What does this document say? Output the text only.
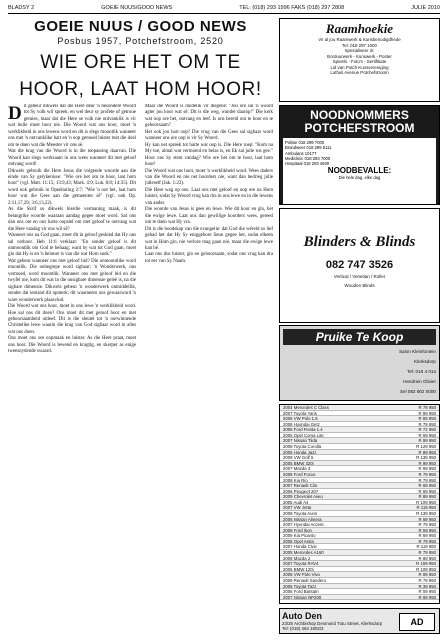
BLADSY 2	GOEIE NUUS/GOOD NEWS	TEL: (018) 293 1996 FAKS (018) 297 2808	JULIE 2010
GOEIE NUUS / GOOD NEWS
Posbus 1957, Potchefstroom, 2520
WIE ORE HET OM TE
HOOR, LAAT HOM HOOR!

Dit gebeur dikwels dat die Here deur 'n besondere Woord tot Sy volk wil spreek, en wel deur sy profete of getroue getuies, maar dat die Here se volk nie ontvanklik is vir wat hulle moet hoor nie. Die Woord wat ons hoor, moet 'n werklikheid in ons lewens word en dit is slegs moontlik wanneer ons met 'n ontvanklike hart en 'n oop gemoed luister met die doel om te doen wat die Meester vir ons sê.

Wat die krag van die Woord is in die toepassing daarvan. Die Woord kan slegs werksaam in ons wees wanneer dit met geloof ontvang word!

Dikwels gebruik die Here Jesus die volgende woorde aan die einde van Sy gelykenisse: "Wie ore het om te hoor, laat hom hoor" (vgl. Matt. 11:15; 13:9,43; Mark. 4:9; Luk. 8:8; 14:35). Dit word ook gebruik in Openbaring 2:7: "Wie 'n oor het, laat hom hoor wat die Gees aan die gemeentes sê" (vgl. ook Op. 2:11,17,29; 3:6,13,22).

As die Skrif so dikwels hierdie vermaning maak, is dit belangrike woorde waaraan aandag gegee moet word. Sal ons dan ons ore en ons harte oopstel om met geloof te ontvang wat die Here vandag vir ons wil sê?

Wanneer ons na God gaan, moet dit in geloof geskied dat Hy ons sal verhoor. Heb 11:6 verklaar: "En sonder geloof is dit onmoontlik om God te behaag; want hy wat tot God gaan, moet glo dat Hy is en 'n beloner is van die wat Hom soek."

Wat gebeur wanneer ons met geloof bid? Die onmoontlike word moontlik. Die onbegrepe word sigbaar; 'n Wonderwerk, ons vermoed, word moontlik. Wanneer ons met geloof bid en die twyfel nie, kom dit wat in die onsigbare dimensie geleë is, na die sigbare dimensie. Dikwels gebeur 'n wonderwerk onmiddellik, sonder dat iemand dit opmerk; dit waarneem ons gewaarword 'n ware wonderwerk plaasvind.

Die Woord wat ons hoor, moet in ons lewe 'n werklikheid word. Hoe sal ons dit doen? Ons moet dit met geloof hoor en met gehoorsaamheid uitleef. Dit is die sleutel tot 'n oorwinnende Christelike lewe waarin die krag van God sigbaar word in alles wat ons doen.

Ons moet ons ore oopmaak en luister. As die Here praat, moet ons hoor. Die Woord is lewend en kragtig, en skerper as enige tweesnydende swaard.

Maar die Woord is duidelik vir diegene: "Jou ore sal 'n woord agter jou hoor wat sê: Dit is die weg, wandel daarop!" Die kerk wat oop ore het, ontvang en leef. Is ons bereid om te hoor en te gehoorsaam?

Het ook jou hart oop? Die vrug van die Gees sal sigbaar word wanneer ons ore oop is vir Sy Woord.

Hy kan net spreek tot harte wat oop is. Die Here roep: "Kom na My toe, almal wat vermoeid en belas is, en Ek sal julle rus gee." Hoor ons Sy stem vandag? Wie ore het om te hoor, laat hom hoor!

Die Woord wat ons hoor, moet 'n werklikheid word. Wees daders van die Woord en nie net hoorders nie, want dan bedrieg julle julleself (Jak. 1:22).

Die Here wag op ons. Laat ons met geloof en oop ore na Hom luister, sodat Sy Woord vrug kan dra in ons lewe en in die lewens van ander.

Die woorde van Jesus is gees en lewe. Wie dit hoor en glo, het die ewige lewe. Laat ons dan gewillige hoorders wees, gereed om te doen wat Hy vra.

Dit is die boodskap van die evangelie: dat God die wêreld so lief gehad het dat Hy Sy eniggebore Seun gegee het, sodat elkeen wat in Hom glo, nie verlore mag gaan nie, maar die ewige lewe kan hê.

Laat ons dus luister, glo en gehoorsaam, sodat ons vrug kan dra tot eer van Sy Naam.

Raamhoekie
Vir al jou Raamwerk & Kunsbenodigdhede
Tel: 018 297 1000
Spesialiseer in:
Borduurwerk - Kunswerk - Poster
Spieëls - Foto's - Sertifikate
Lid van Potch Kunsvereniging
Luthuli Avenue Potchefstroom
NOODNOMMERS POTCHEFSTROOM
Polisie 018 299 7000
Brandweer 018 299 5111
Ambulans 10177
Mediclinic 018 293 7000
Hospitaal 018 293 4600
NOODBEVALLE:
Die hele dag, elke dag
Blinders & Blinds
082 747 3526
Vertical / Venetian / Roller
Wooden Blinds
Pruike Te Koop
Salon Kleinfontein
Klerksdorp
Tel: 018 4 014
Hendrien Olivier
Sel 082 902 0000
2004 Mercedes C Class	R 78 950
2007 Toyota Yaris	R 89 950
2006 VW Polo 1.6	R 89 950
2008 Hyundai Getz	R 79 950
2006 Ford Fiesta 1.4	R 72 950
2005 Opel Corsa Lite	R 59 950
2007 Nissan Tiida	R 99 950
2008 Toyota Corolla	R 129 950
2006 Honda Jazz	R 89 950
2009 VW Golf 5	R 139 950
2005 BMW 320i	R 99 950
2007 Mazda 3	R 99 950
2006 Ford Focus	R 79 950
2008 Kia Rio	R 79 950
2007 Renault Clio	R 69 950
2006 Peugeot 207	R 69 950
2009 Chevrolet Aveo	R 89 950
2005 Audi A4	R 109 950
2007 VW Jetta	R 119 950
2008 Toyota Auris	R 139 950
2006 Nissan Almera	R 69 950
2007 Hyundai Accent	R 79 950
2008 Ford Ikon	R 59 950
2009 Kia Picanto	R 69 950
2006 Opel Astra	R 79 950
2007 Honda Civic	R 119 950
2005 Mercedes A160	R 79 950
2008 Mazda 2	R 89 950
2007 Toyota RAV4	R 159 950
2006 BMW 120i	R 109 950
2008 VW Polo Vivo	R 89 950
2009 Renault Sandero	R 79 950
2005 Toyota Tazz	R 39 950
2006 Ford Bantam	R 59 950
2007 Nissan NP200	R 69 950
AD
Auto Den
23/25 Archbishop Desmond Tutu Street, Klerksdorp
Tel: (018) 464 1802/3
